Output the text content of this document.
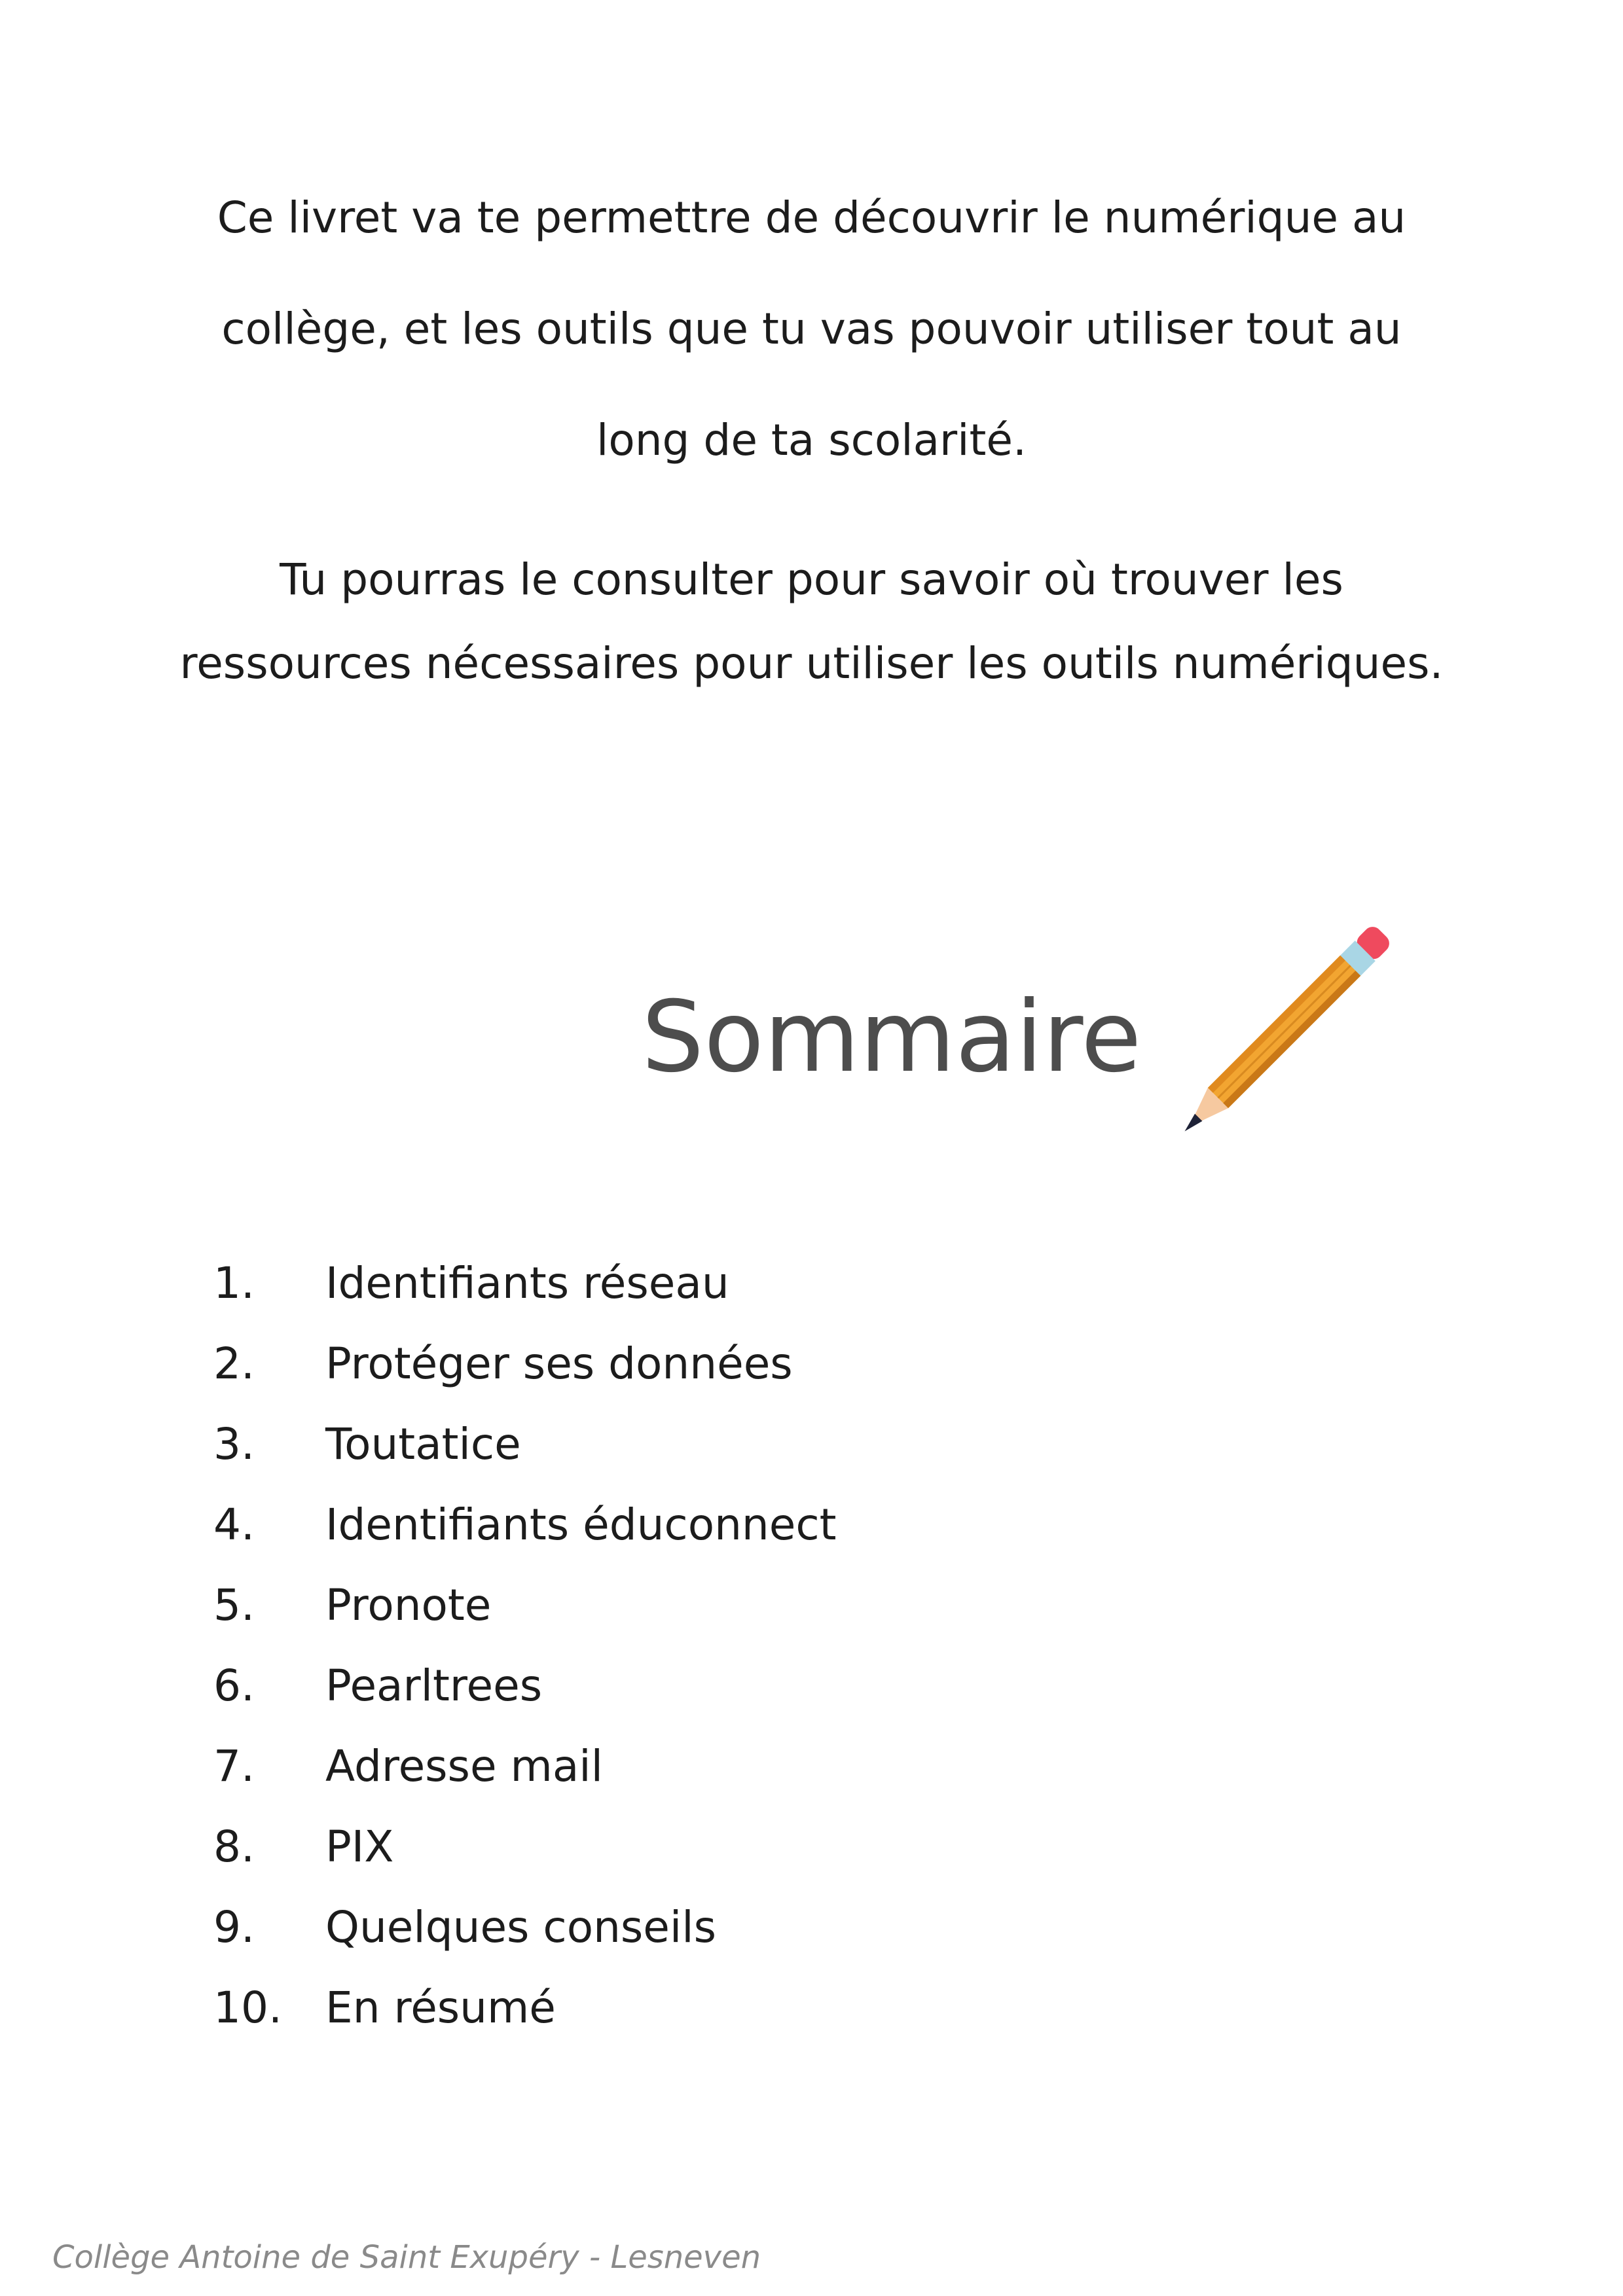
Ce livret va te permettre de découvrir le numérique au
collège, et les outils que tu vas pouvoir utiliser tout au
long de ta scolarité.
Tu pourras le consulter pour savoir où trouver les
ressources nécessaires pour utiliser les outils numériques.
Sommaire
1. Identifiants réseau
2. Protéger ses données
3. Toutatice
4. Identifiants éduconnect
5. Pronote
6. Pearltrees
7. Adresse mail
8. PIX
9. Quelques conseils
10. En résumé
Collège Antoine de Saint Exupéry - Lesneven
